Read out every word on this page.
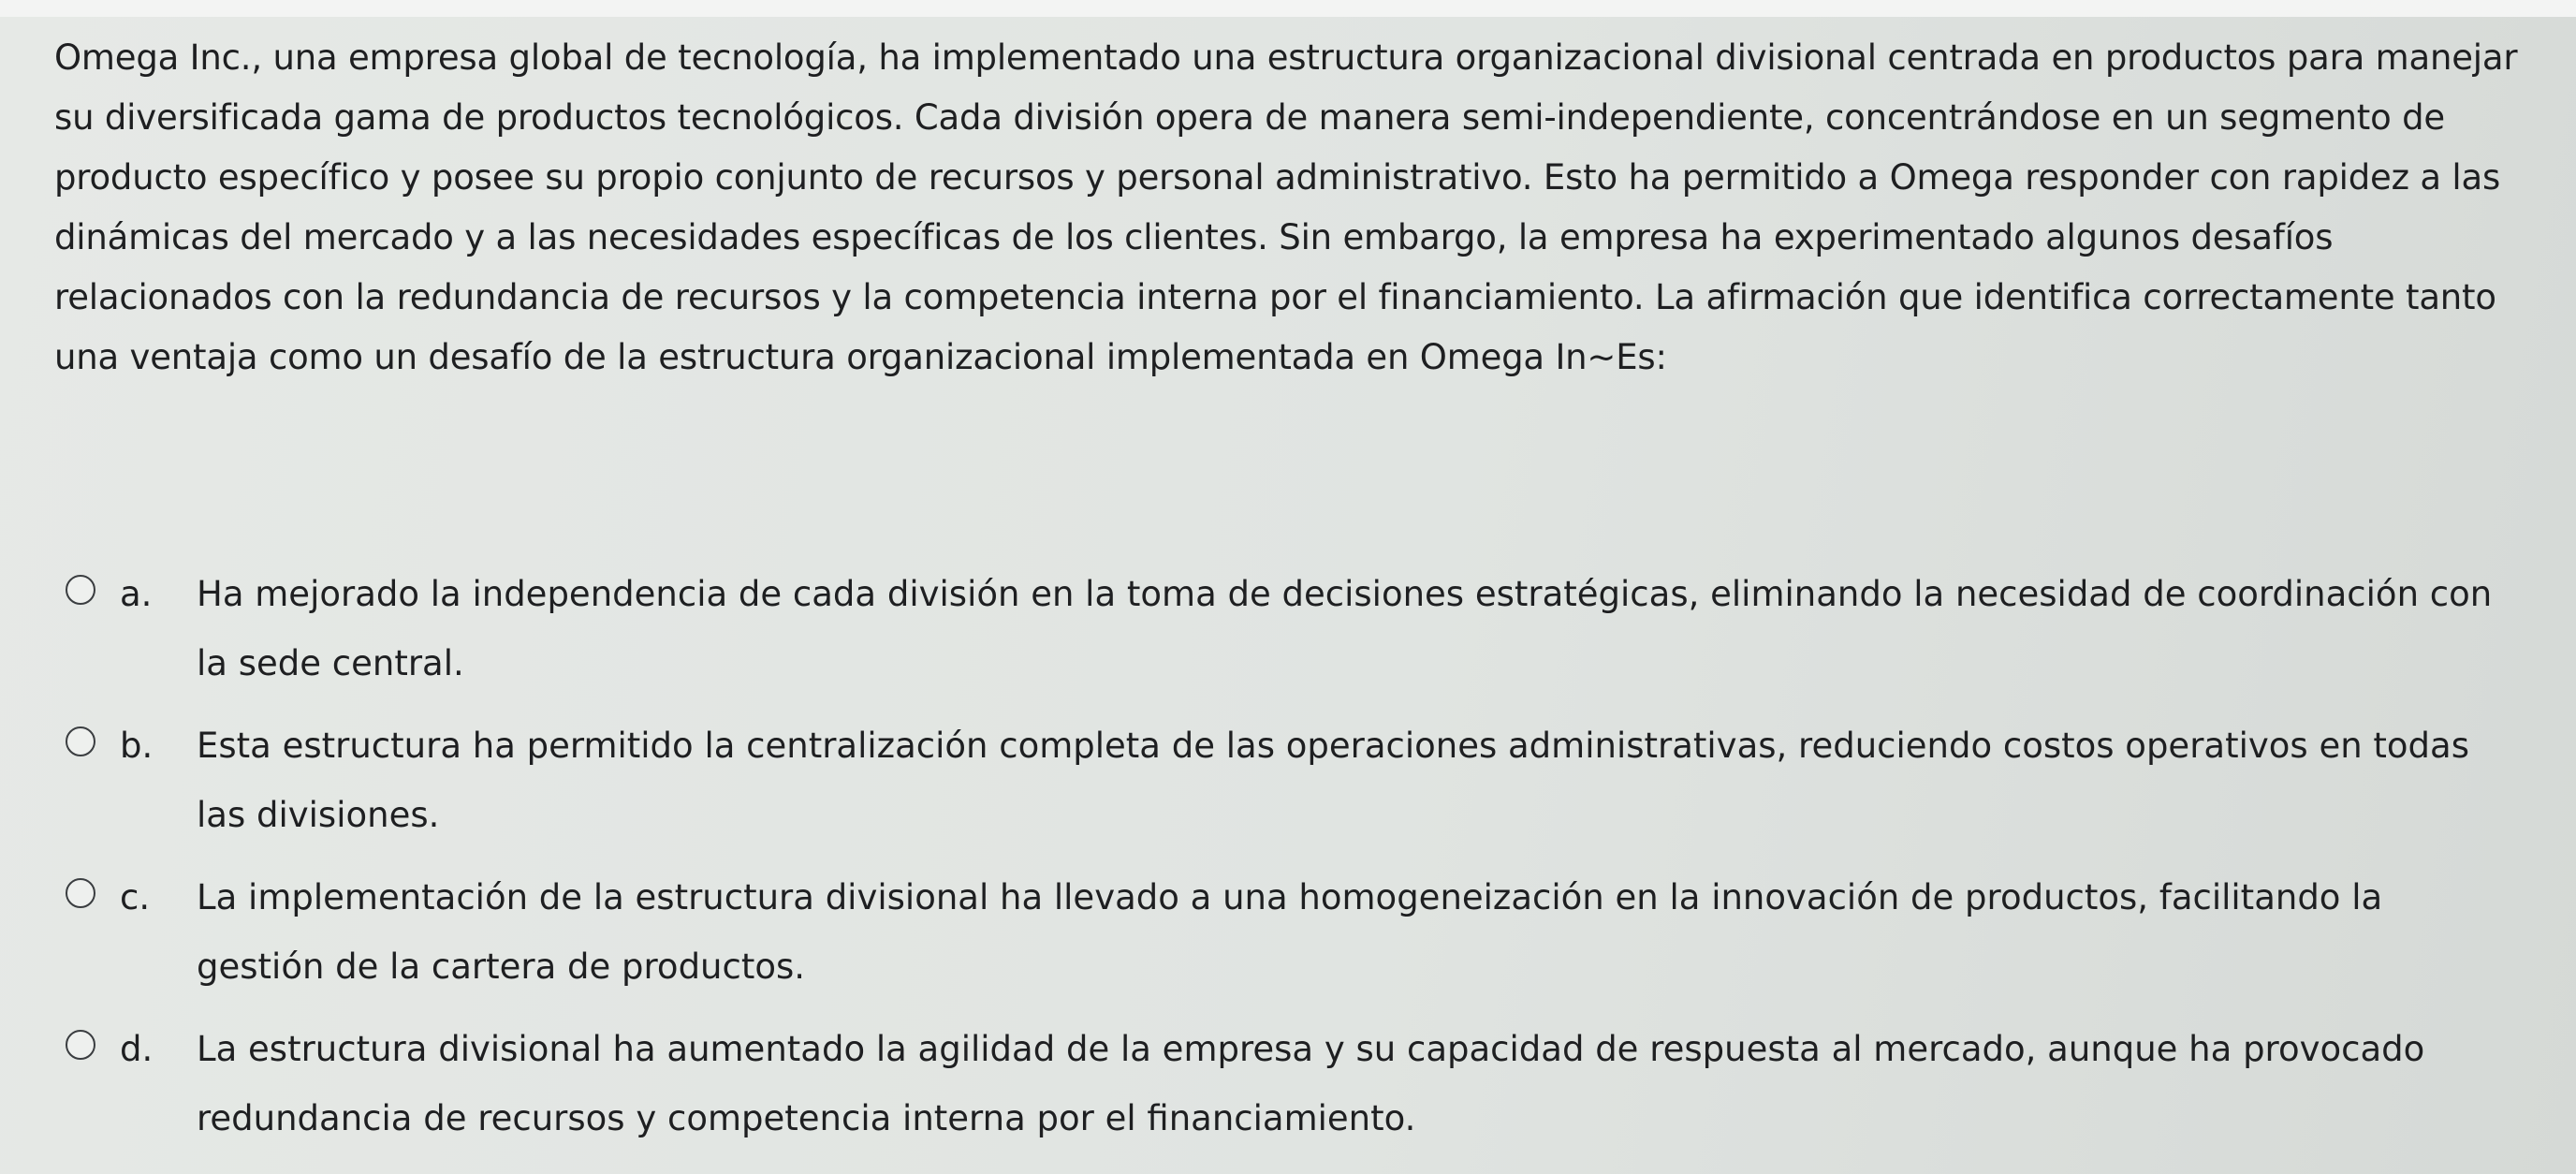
Omega Inc., una empresa global de tecnología, ha implementado una estructura organizacional divisional centrada en productos para manejar su diversificada gama de productos tecnológicos. Cada división opera de manera semi-independiente, concentrándose en un segmento de producto específico y posee su propio conjunto de recursos y personal administrativo. Esto ha permitido a Omega responder con rapidez a las dinámicas del mercado y a las necesidades específicas de los clientes. Sin embargo, la empresa ha experimentado algunos desafíos relacionados con la redundancia de recursos y la competencia interna por el financiamiento. La afirmación que identifica correctamente tanto una ventaja como un desafío de la estructura organizacional implementada en Omega In~Es:
a.	Ha mejorado la independencia de cada división en la toma de decisiones estratégicas, eliminando la necesidad de coordinación con la sede central.
b.	Esta estructura ha permitido la centralización completa de las operaciones administrativas, reduciendo costos operativos en todas las divisiones.
c.	La implementación de la estructura divisional ha llevado a una homogeneización en la innovación de productos, facilitando la gestión de la cartera de productos.
d.	La estructura divisional ha aumentado la agilidad de la empresa y su capacidad de respuesta al mercado, aunque ha provocado redundancia de recursos y competencia interna por el financiamiento.
